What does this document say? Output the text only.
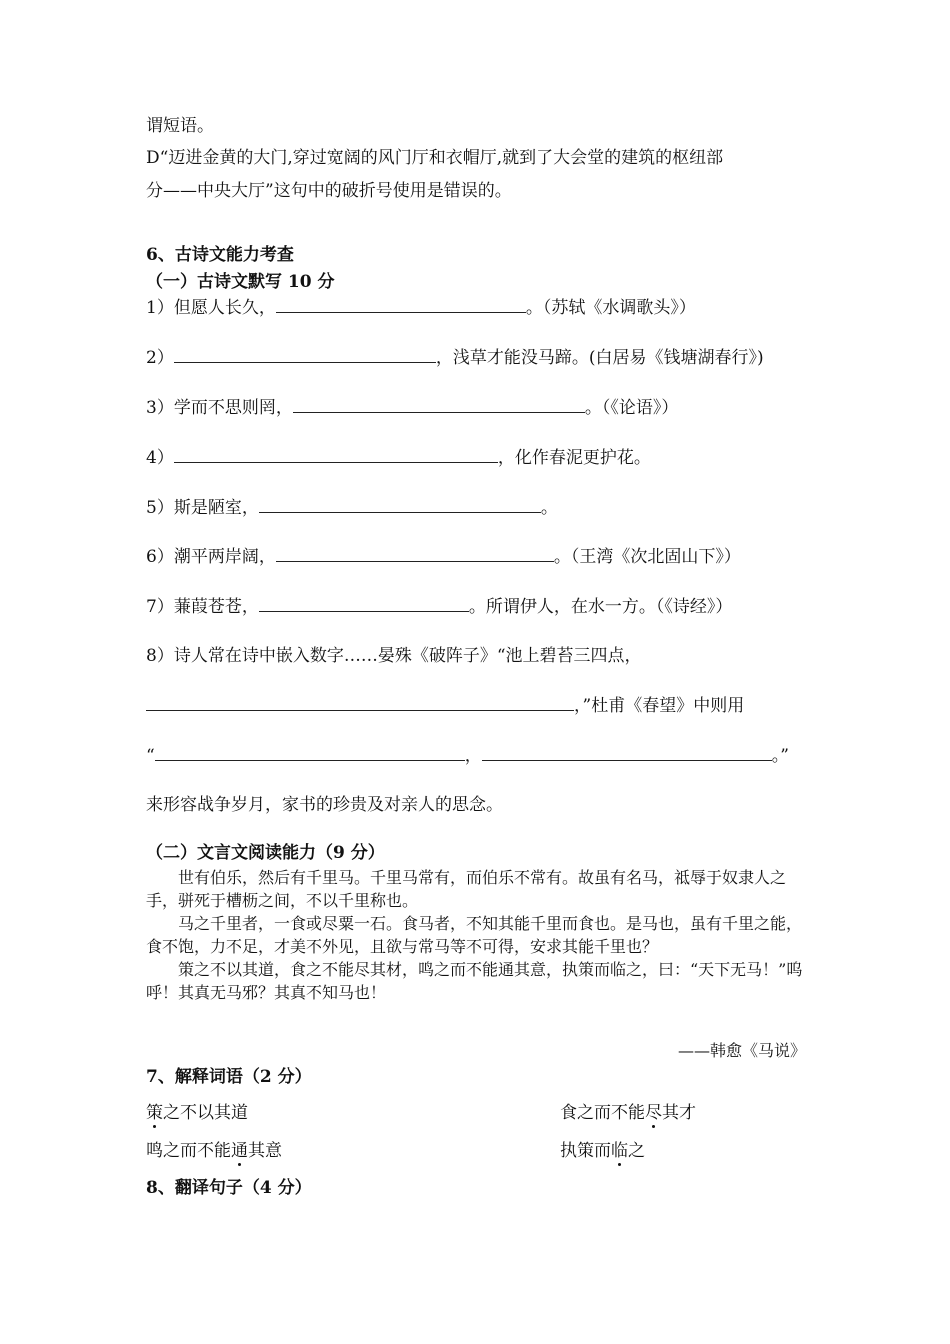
谓短语。
D“迈进金黄的大门,穿过宽阔的风门厅和衣帽厅,就到了大会堂的建筑的枢纽部
分——中央大厅”这句中的破折号使用是错误的。
6、古诗文能力考查
（一）古诗文默写 10 分
1）但愿人长久，	。（苏轼《水调歌头》）
2）	，浅草才能没马蹄。(白居易《钱塘湖春行》)
3）学而不思则罔，	。（《论语》）
4）	，化作春泥更护花。
5）斯是陋室，	。
6）潮平两岸阔，	。（王湾《次北固山下》）
7）蒹葭苍苍，	。所谓伊人，在水一方。（《诗经》）
8）诗人常在诗中嵌入数字……晏殊《破阵子》“池上碧苔三四点，
，”杜甫《春望》中则用
“	，	。”
来形容战争岁月，家书的珍贵及对亲人的思念。
（二）文言文阅读能力（9 分）

世有伯乐，然后有千里马。千里马常有，而伯乐不常有。故虽有名马，祗辱于奴隶人之手，骈死于槽枥之间，不以千里称也。

马之千里者，一食或尽粟一石。食马者，不知其能千里而食也。是马也，虽有千里之能，食不饱，力不足，才美不外见，且欲与常马等不可得，安求其能千里也？

策之不以其道，食之不能尽其材，鸣之而不能通其意，执策而临之，曰：“天下无马！”呜呼！其真无马邪？其真不知马也！

——韩愈《马说》
7、解释词语（2 分）
策之不以其道	食之而不能尽其才
鸣之而不能通其意	执策而临之
8、翻译句子（4 分）
